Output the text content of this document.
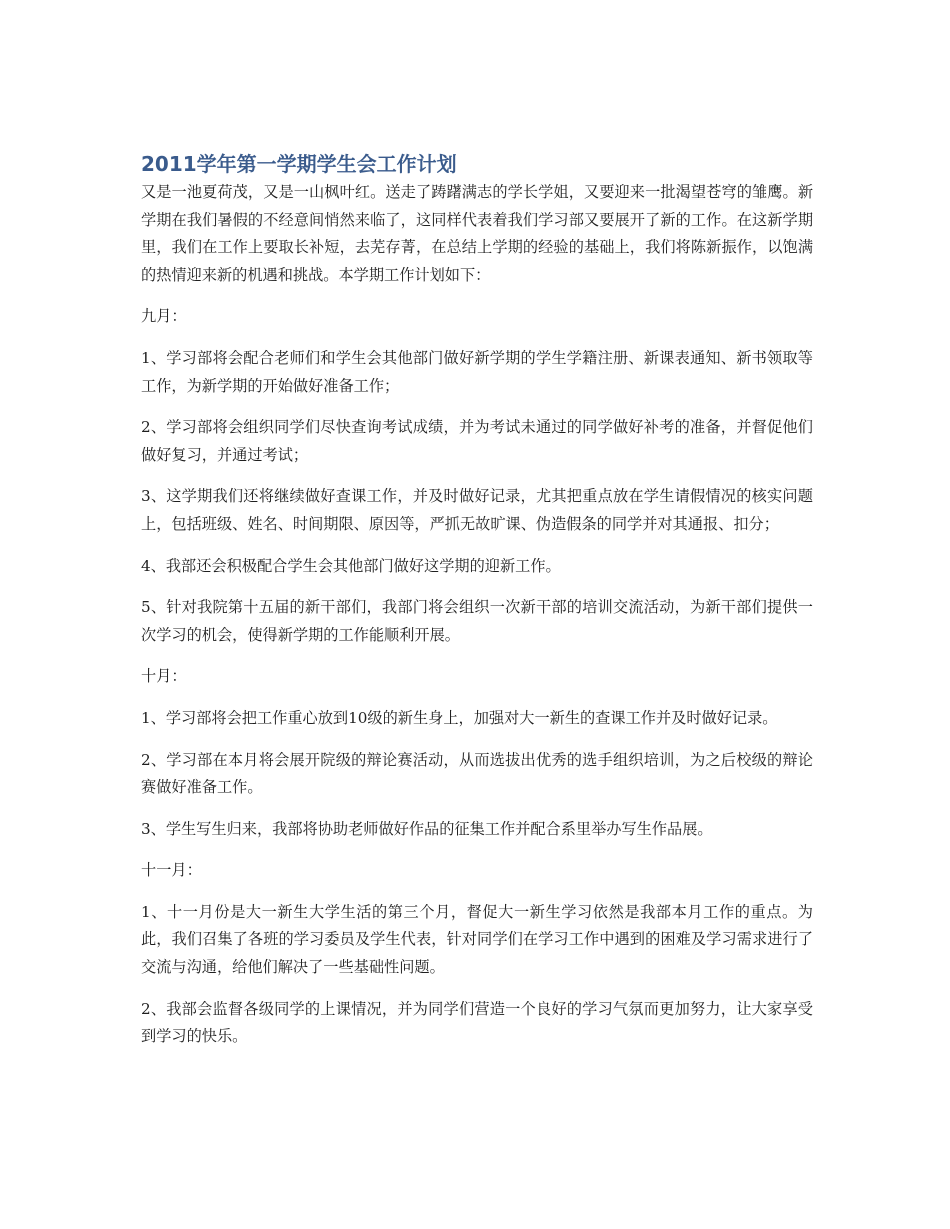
2011学年第一学期学生会工作计划

又是一池夏荷茂，又是一山枫叶红。送走了踌躇满志的学长学姐，又要迎来一批渴望苍穹的雏鹰。新学期在我们暑假的不经意间悄然来临了，这同样代表着我们学习部又要展开了新的工作。在这新学期里，我们在工作上要取长补短，去芜存菁，在总结上学期的经验的基础上，我们将陈新振作，以饱满的热情迎来新的机遇和挑战。本学期工作计划如下：

九月：

1、学习部将会配合老师们和学生会其他部门做好新学期的学生学籍注册、新课表通知、新书领取等工作，为新学期的开始做好准备工作；

2、学习部将会组织同学们尽快查询考试成绩，并为考试未通过的同学做好补考的准备，并督促他们做好复习，并通过考试；

3、这学期我们还将继续做好查课工作，并及时做好记录，尤其把重点放在学生请假情况的核实问题上，包括班级、姓名、时间期限、原因等，严抓无故旷课、伪造假条的同学并对其通报、扣分；

4、我部还会积极配合学生会其他部门做好这学期的迎新工作。

5、针对我院第十五届的新干部们，我部门将会组织一次新干部的培训交流活动，为新干部们提供一次学习的机会，使得新学期的工作能顺利开展。

十月：

1、学习部将会把工作重心放到10级的新生身上，加强对大一新生的查课工作并及时做好记录。

2、学习部在本月将会展开院级的辩论赛活动，从而选拔出优秀的选手组织培训，为之后校级的辩论赛做好准备工作。

3、学生写生归来，我部将协助老师做好作品的征集工作并配合系里举办写生作品展。

十一月：

1、十一月份是大一新生大学生活的第三个月，督促大一新生学习依然是我部本月工作的重点。为此，我们召集了各班的学习委员及学生代表，针对同学们在学习工作中遇到的困难及学习需求进行了交流与沟通，给他们解决了一些基础性问题。

2、我部会监督各级同学的上课情况，并为同学们营造一个良好的学习气氛而更加努力，让大家享受到学习的快乐。
